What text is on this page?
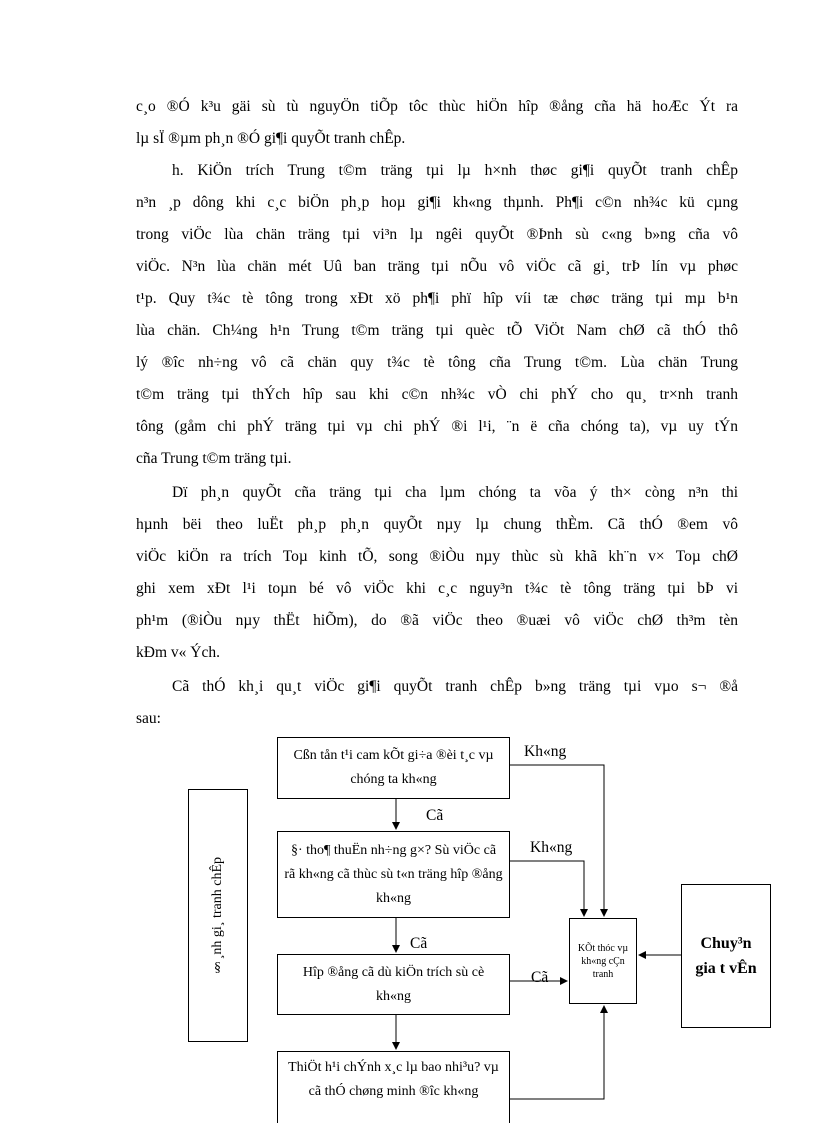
c¸o ®Ó k³u gäi sù tù nguyÖn tiÕp tôc thùc hiÖn hîp ®ång cña hä hoÆc Ýt ra
lµ sÏ ®µm ph¸n ®Ó gi¶i quyÕt tranh chÊp.
h. KiÖn trích Trung t©m träng tµi lµ h×nh thøc gi¶i quyÕt tranh chÊp
n³n ¸p dông khi c¸c biÖn ph¸p hoµ gi¶i kh«ng thµnh. Ph¶i c©n nh¾c kü cµng
trong viÖc lùa chän träng tµi vi³n lµ ngêi quyÕt ®Þnh sù c«ng b»ng cña vô
viÖc. N³n lùa chän mét Uû ban träng tµi nÕu vô viÖc cã gi¸ trÞ lín vµ phøc
t¹p. Quy t¾c tè tông trong xÐt xö ph¶i phï hîp víi tæ chøc träng tµi mµ b¹n
lùa chän. Ch¼ng h¹n Trung t©m träng tµi quèc tÕ ViÖt Nam chØ cã thÓ thô
lý ®îc nh÷ng vô cã chän quy t¾c tè tông cña Trung t©m. Lùa chän Trung
t©m träng tµi thÝch hîp sau khi c©n nh¾c vÒ chi phÝ cho qu¸ tr×nh tranh
tông (gåm chi phÝ träng tµi vµ chi phÝ ®i l¹i, ¨n ë cña chóng ta), vµ uy tÝn
cña Trung t©m träng tµi.
Dï ph¸n quyÕt cña träng tµi cha lµm chóng ta võa ý th× còng n³n thi
hµnh bëi theo luËt ph¸p ph¸n quyÕt nµy lµ chung thÈm. Cã thÓ ®em vô
viÖc kiÖn ra trích Toµ kinh tÕ, song ®iÒu nµy thùc sù khã kh¨n v× Toµ chØ
ghi xem xÐt l¹i toµn bé vô viÖc khi c¸c nguy³n t¾c tè tông träng tµi bÞ vi
ph¹m (®iÒu nµy thËt hiÕm), do ®ã viÖc theo ®uæi vô viÖc chØ th³m tèn
kÐm v« Ých.
Cã thÓ kh¸i qu¸t viÖc gi¶i quyÕt tranh chÊp b»ng träng tµi vµo s¬ ®å
sau:
§¸nh gi¸ tranh chÊp
Cßn tån t¹i cam kÕt gi÷a ®èi t¸c vµ chóng ta kh«ng
§· tho¶ thuËn nh÷ng g×? Sù viÖc cã rã kh«ng cã thùc sù t«n träng hîp ®ång kh«ng
Hîp ®ång cã dù kiÖn trích sù cè kh«ng
ThiÖt h¹i chÝnh x¸c lµ bao nhi³u? vµ cã thÓ chøng minh ®îc kh«ng
KÕt thóc vµ kh«ng cÇn tranh
Chuy³n gia t vÊn
Kh«ng
Kh«ng
Cã
Cã
Cã
